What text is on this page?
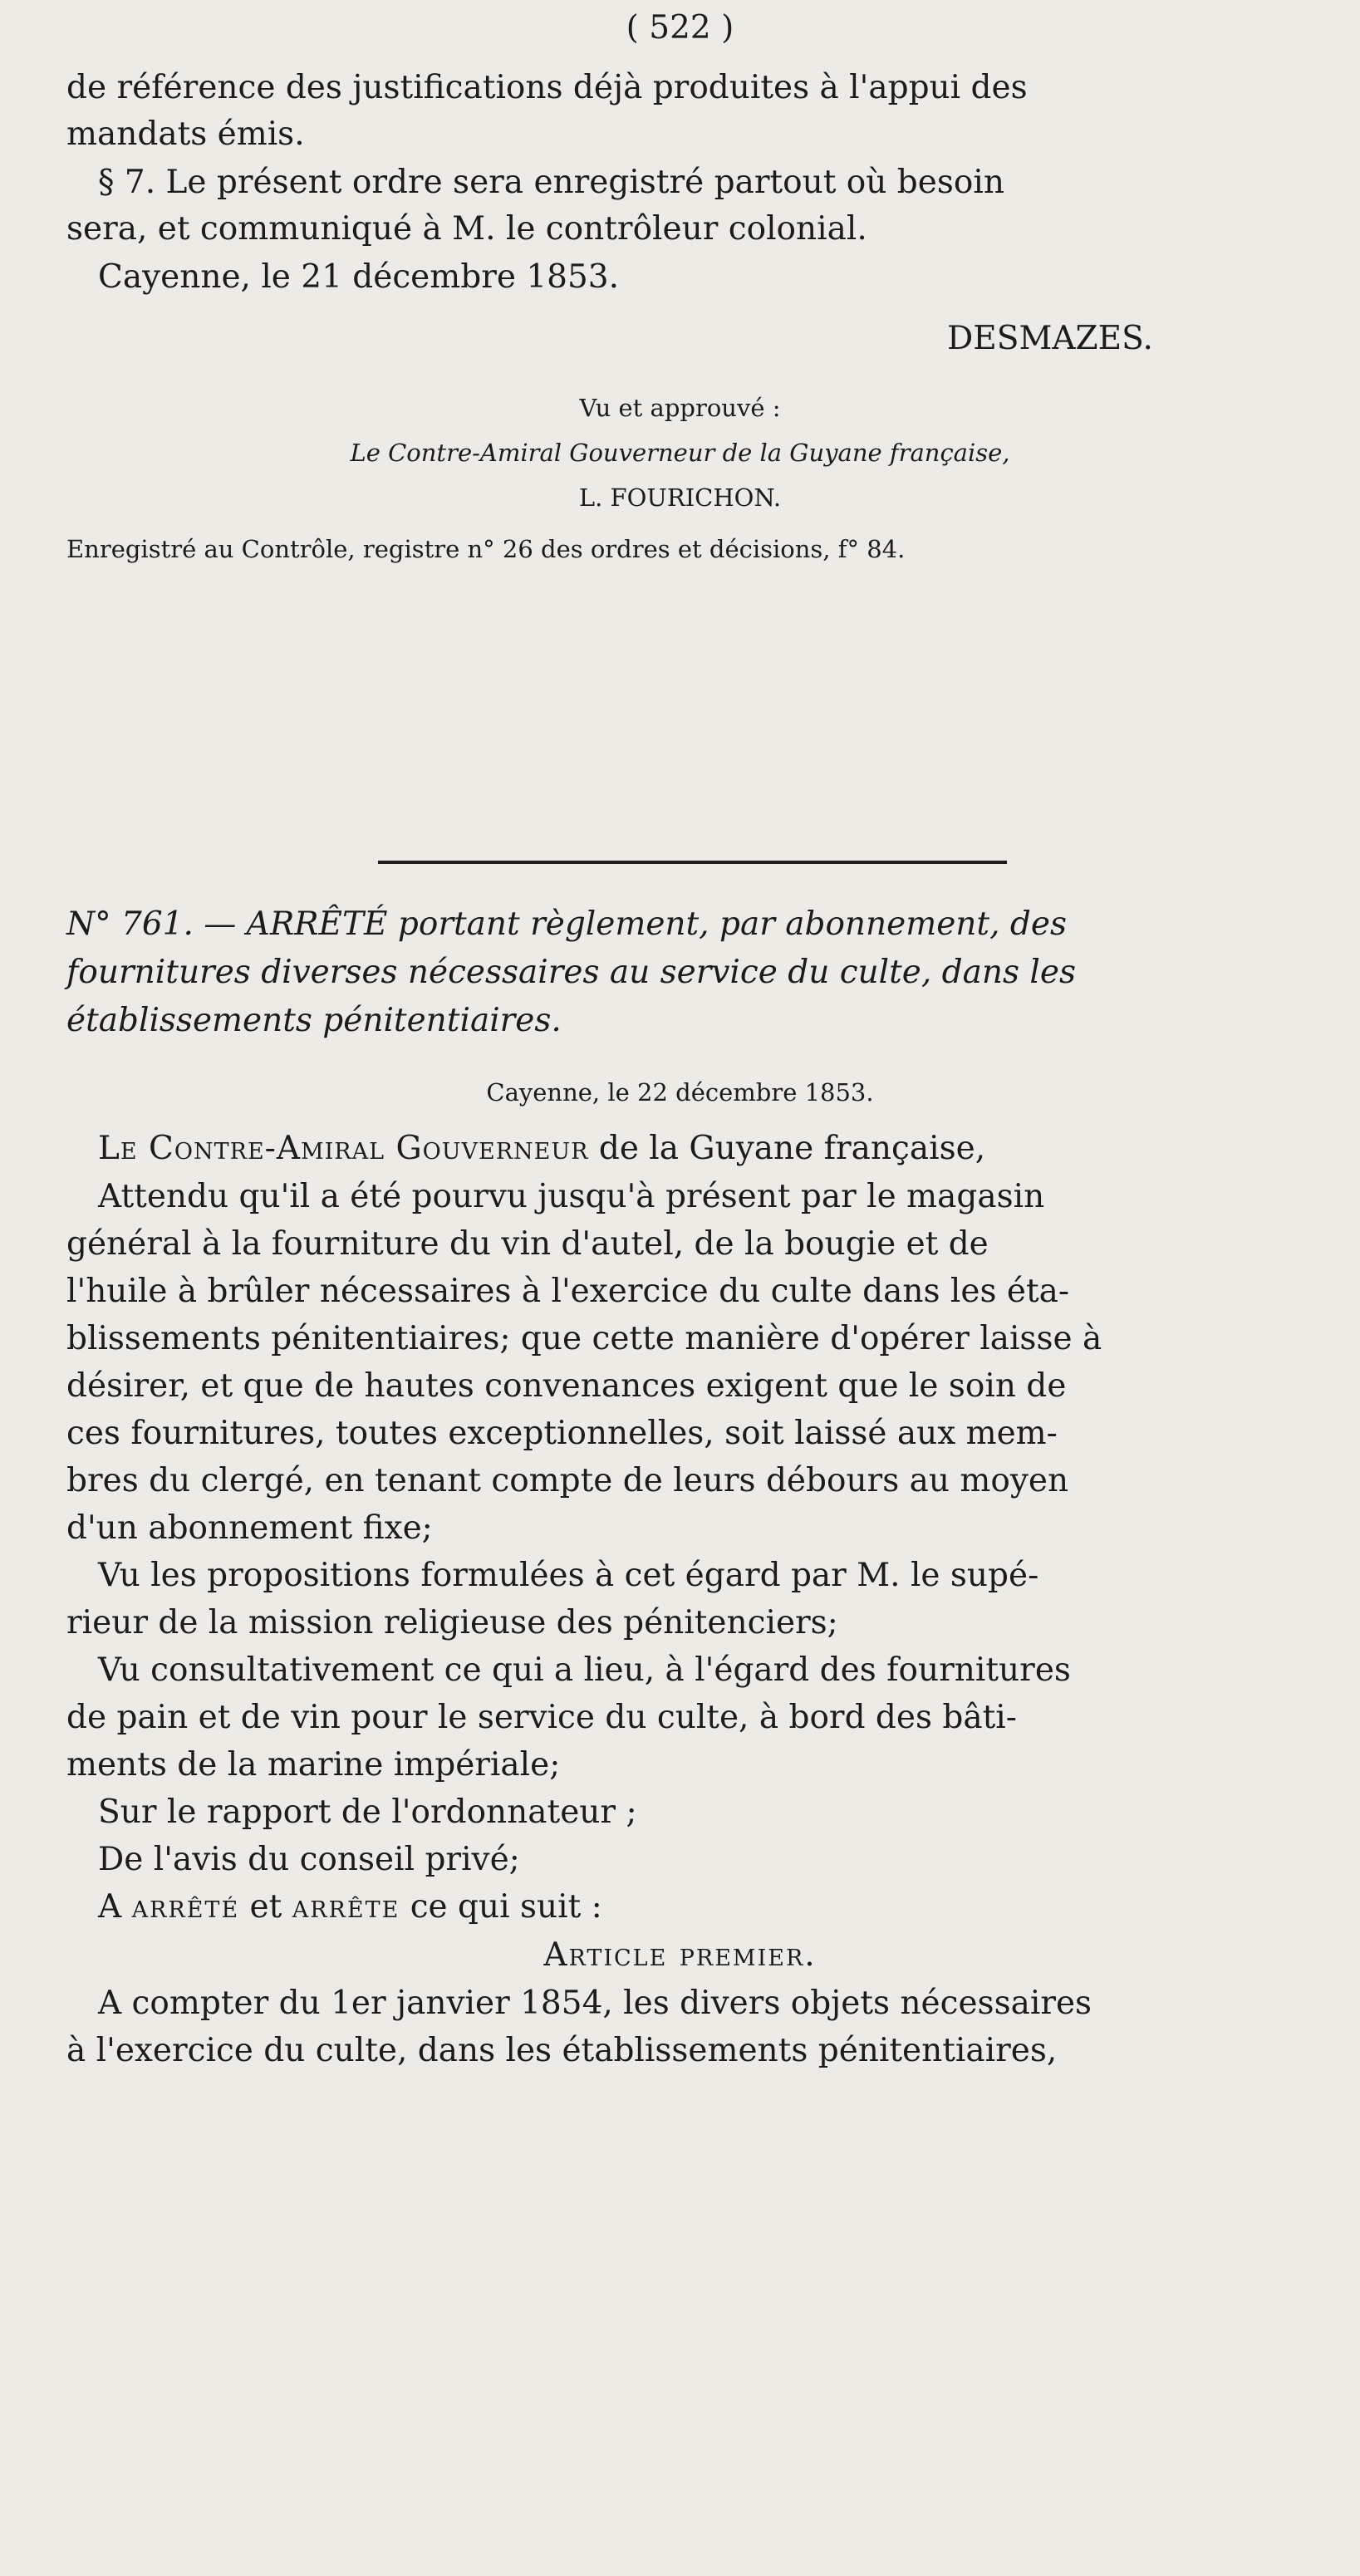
( 522 )
de référence des justifications déjà produites à l'appui des
mandats émis.
§ 7. Le présent ordre sera enregistré partout où besoin
sera, et communiqué à M. le contrôleur colonial.
Cayenne, le 21 décembre 1853.
DESMAZES.
Vu et approuvé :
Le Contre-Amiral Gouverneur de la Guyane française,
L. FOURICHON.
Enregistré au Contrôle, registre n° 26 des ordres et décisions, f° 84.
N° 761. — ARRÊTÉ portant règlement, par abonnement, des
fournitures diverses nécessaires au service du culte, dans les
établissements pénitentiaires.
Cayenne, le 22 décembre 1853.
Le Contre-Amiral Gouverneur de la Guyane française,
Attendu qu'il a été pourvu jusqu'à présent par le magasin
général à la fourniture du vin d'autel, de la bougie et de
l'huile à brûler nécessaires à l'exercice du culte dans les éta-
blissements pénitentiaires; que cette manière d'opérer laisse à
désirer, et que de hautes convenances exigent que le soin de
ces fournitures, toutes exceptionnelles, soit laissé aux mem-
bres du clergé, en tenant compte de leurs débours au moyen
d'un abonnement fixe;
Vu les propositions formulées à cet égard par M. le supé-
rieur de la mission religieuse des pénitenciers;
Vu consultativement ce qui a lieu, à l'égard des fournitures
de pain et de vin pour le service du culte, à bord des bâti-
ments de la marine impériale;
Sur le rapport de l'ordonnateur ;
De l'avis du conseil privé;
A arrêté et arrête ce qui suit :
Article premier.
A compter du 1er janvier 1854, les divers objets nécessaires
à l'exercice du culte, dans les établissements pénitentiaires,
